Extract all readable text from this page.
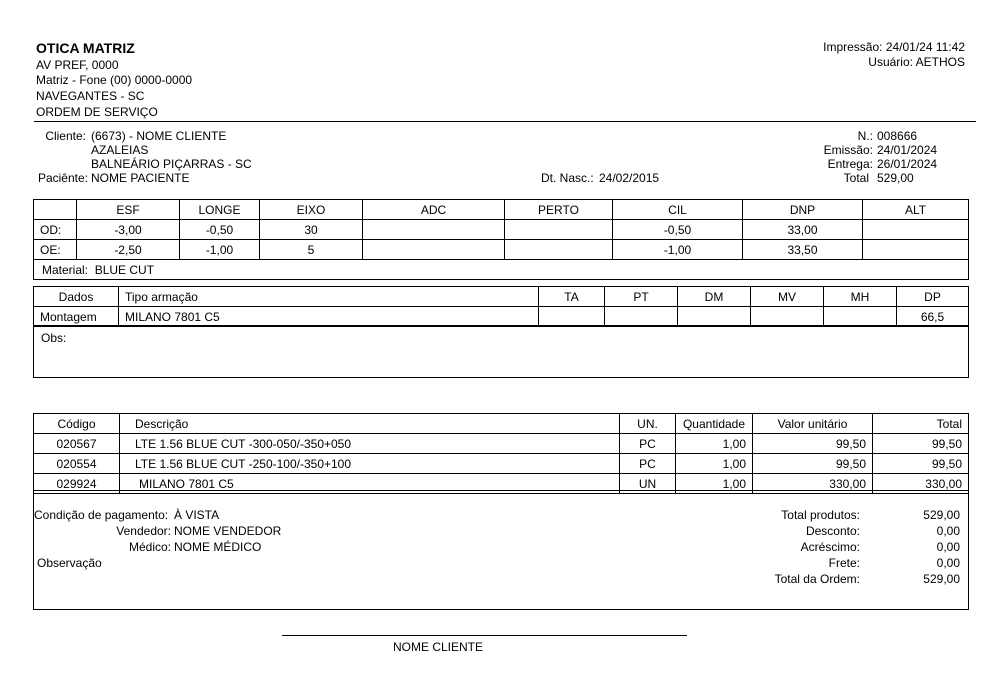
OTICA MATRIZ
AV PREF, 0000
Matriz - Fone (00) 0000-0000
NAVEGANTES - SC
ORDEM DE SERVIÇO
Impressão: 24/01/24 11:42
Usuário: AETHOS
Cliente: (6673) - NOME CLIENTE
AZALEIAS
BALNEÁRIO PIÇARRAS - SC
Paciênte: NOME PACIENTE	Dt. Nasc.: 24/02/2015
N.: 008666
Emissão: 24/01/2024
Entrega: 26/01/2024
Total 529,00
	ESF	LONGE	EIXO	ADC	PERTO	CIL	DNP	ALT
OD:	-3,00	-0,50	30			-0,50	33,00	
OE:	-2,50	-1,00	5			-1,00	33,50	
Material: BLUE CUT								
Dados	Tipo armação	TA	PT	DM	MV	MH	DP
Montagem	MILANO 7801 C5						66,5
Obs:
Código	Descrição	UN.	Quantidade	Valor unitário	Total
020567	LTE 1.56 BLUE CUT -300-050/-350+050	PC	1,00	99,50	99,50
020554	LTE 1.56 BLUE CUT -250-100/-350+100	PC	1,00	99,50	99,50
029924	MILANO 7801 C5	UN	1,00	330,00	330,00
Condição de pagamento: À VISTA
Vendedor: NOME VENDEDOR
Médico: NOME MÉDICO
Observação
Total produtos:	529,00
Desconto:	0,00
Acréscimo:	0,00
Frete:	0,00
Total da Ordem:	529,00
NOME CLIENTE
